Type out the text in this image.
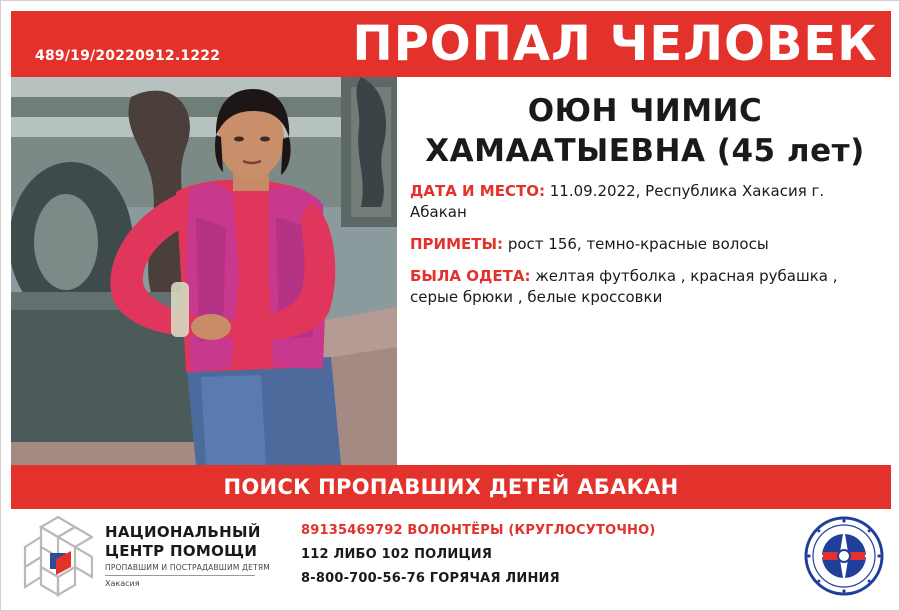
489/19/20220912.1222	ПРОПАЛ ЧЕЛОВЕК
ОЮН ЧИМИС
ХАМААТЫЕВНА (45 лет)
ДАТА И МЕСТО: 11.09.2022, Республика Хакасия г. Абакан
ПРИМЕТЫ: рост 156, темно-красные волосы
БЫЛА ОДЕТА: желтая футболка , красная рубашка , серые брюки , белые кроссовки
ПОИСК ПРОПАВШИХ ДЕТЕЙ АБАКАН
НАЦИОНАЛЬНЫЙ
ЦЕНТР ПОМОЩИ
ПРОПАВШИМ И ПОСТРАДАВШИМ ДЕТЯМ
Хакасия
89135469792 ВОЛОНТЁРЫ (КРУГЛОСУТОЧНО)
112 ЛИБО 102 ПОЛИЦИЯ
8-800-700-56-76 ГОРЯЧАЯ ЛИНИЯ
